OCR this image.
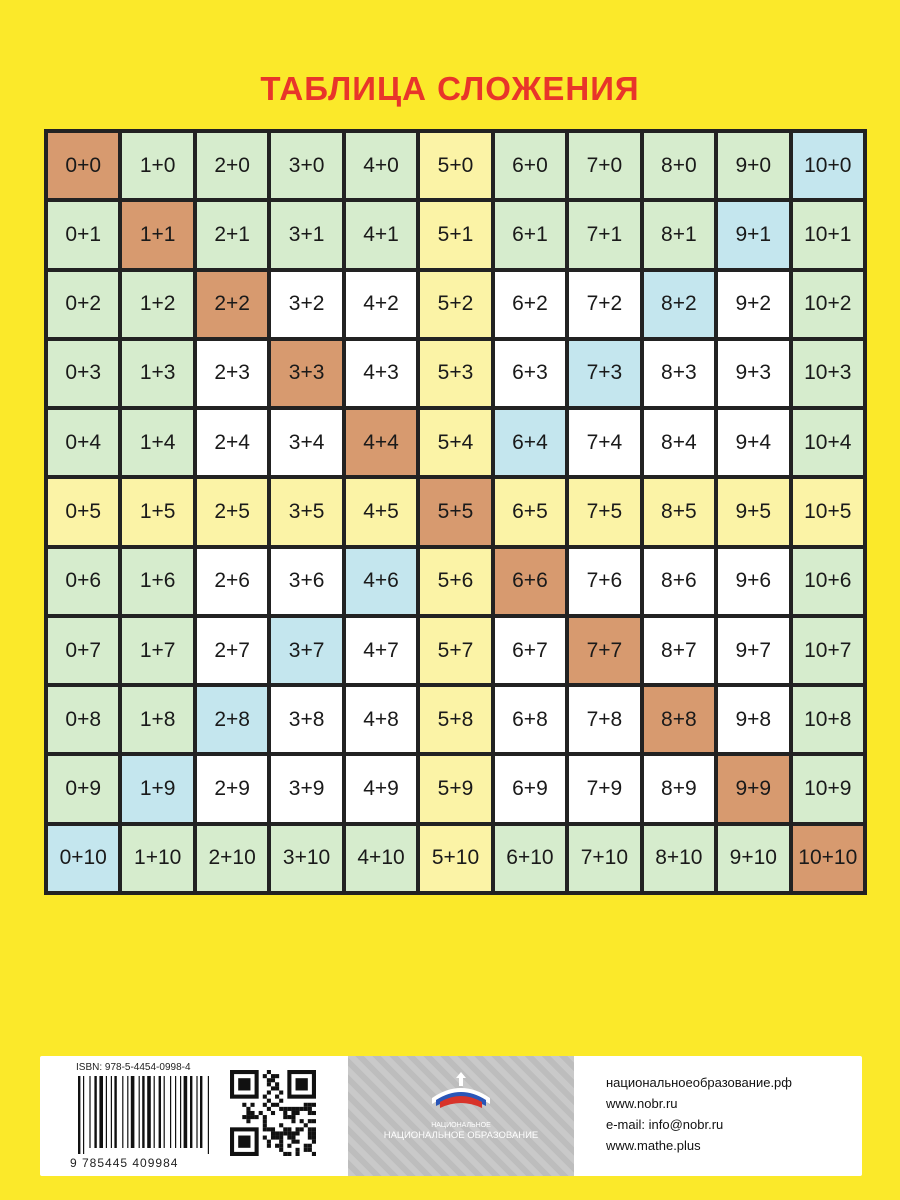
ТАБЛИЦА СЛОЖЕНИЯ
0+0	1+0	2+0	3+0	4+0	5+0	6+0	7+0	8+0	9+0	10+0
0+1	1+1	2+1	3+1	4+1	5+1	6+1	7+1	8+1	9+1	10+1
0+2	1+2	2+2	3+2	4+2	5+2	6+2	7+2	8+2	9+2	10+2
0+3	1+3	2+3	3+3	4+3	5+3	6+3	7+3	8+3	9+3	10+3
0+4	1+4	2+4	3+4	4+4	5+4	6+4	7+4	8+4	9+4	10+4
0+5	1+5	2+5	3+5	4+5	5+5	6+5	7+5	8+5	9+5	10+5
0+6	1+6	2+6	3+6	4+6	5+6	6+6	7+6	8+6	9+6	10+6
0+7	1+7	2+7	3+7	4+7	5+7	6+7	7+7	8+7	9+7	10+7
0+8	1+8	2+8	3+8	4+8	5+8	6+8	7+8	8+8	9+8	10+8
0+9	1+9	2+9	3+9	4+9	5+9	6+9	7+9	8+9	9+9	10+9
0+10	1+10	2+10	3+10	4+10	5+10	6+10	7+10	8+10	9+10	10+10
ISBN: 978-5-4454-0998-4
9 785445 409984
НАЦИОНАЛЬНОЕ
НАЦИОНАЛЬНОЕ ОБРАЗОВАНИЕ
национальноеобразование.рф
www.nobr.ru
e-mail: info@nobr.ru
www.mathe.plus
